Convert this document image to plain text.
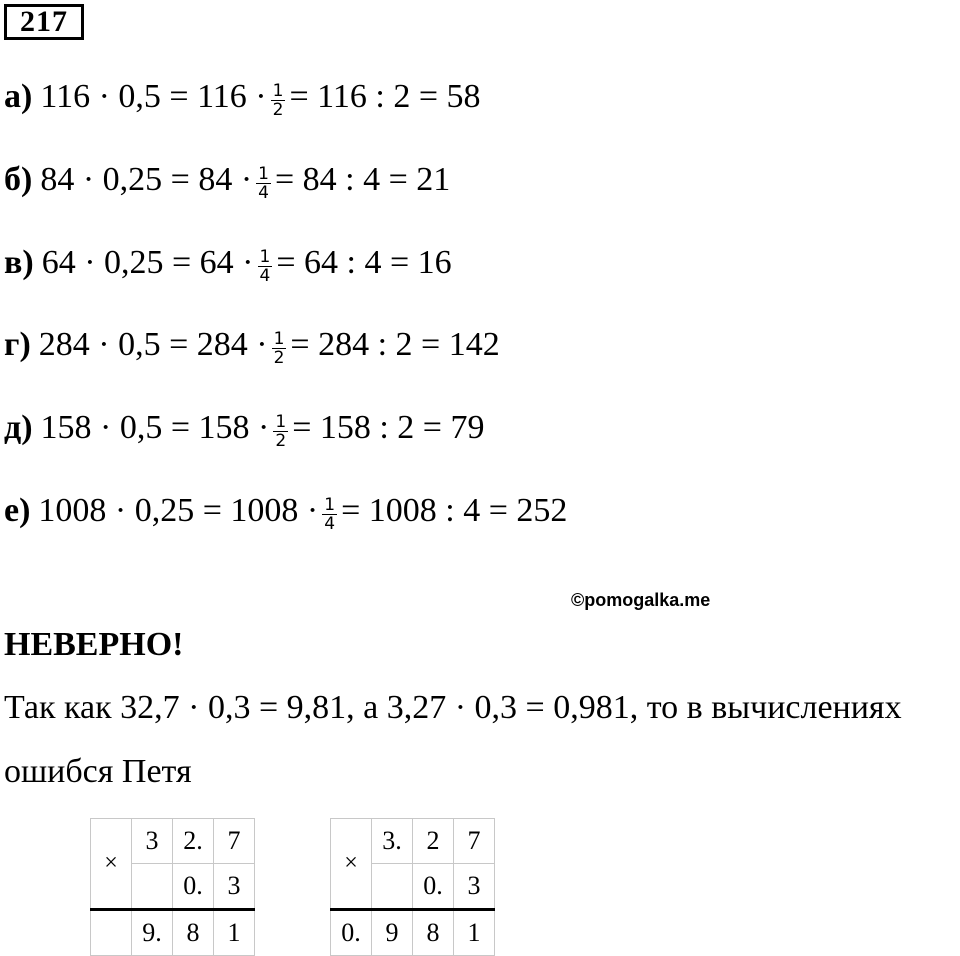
217
а) $116 \cdot 0,5 = 116 \cdot \frac{1}{2} = 116$ : 2 = 58
б) $84 \cdot 0,25 = 84 \cdot \frac{1}{4} = 84$ : 4 = 21
в) $64 \cdot 0,25 = 64 \cdot \frac{1}{4} = 64$ : 4 = 16
г) $284 \cdot 0,5 = 284 \cdot \frac{1}{2} = 284$ : 2 = 142
д) $158 \cdot 0,5 = 158 \cdot \frac{1}{2} = 158$ : 2 = 79
е) $1008 \cdot 0,25 = 1008 \cdot \frac{1}{4} = 1008$ : 4 = 252
©pomogalka.me
НЕВЕРНО!
Так как 32,7 · 0,3 = 9,81, а 3,27 · 0,3 = 0,981, то в вычислениях
ошибся Петя
×	3	2.	7
		0.	3
	9.	8	1
×	3.	2	7
		0.	3
0.	9	8	1
